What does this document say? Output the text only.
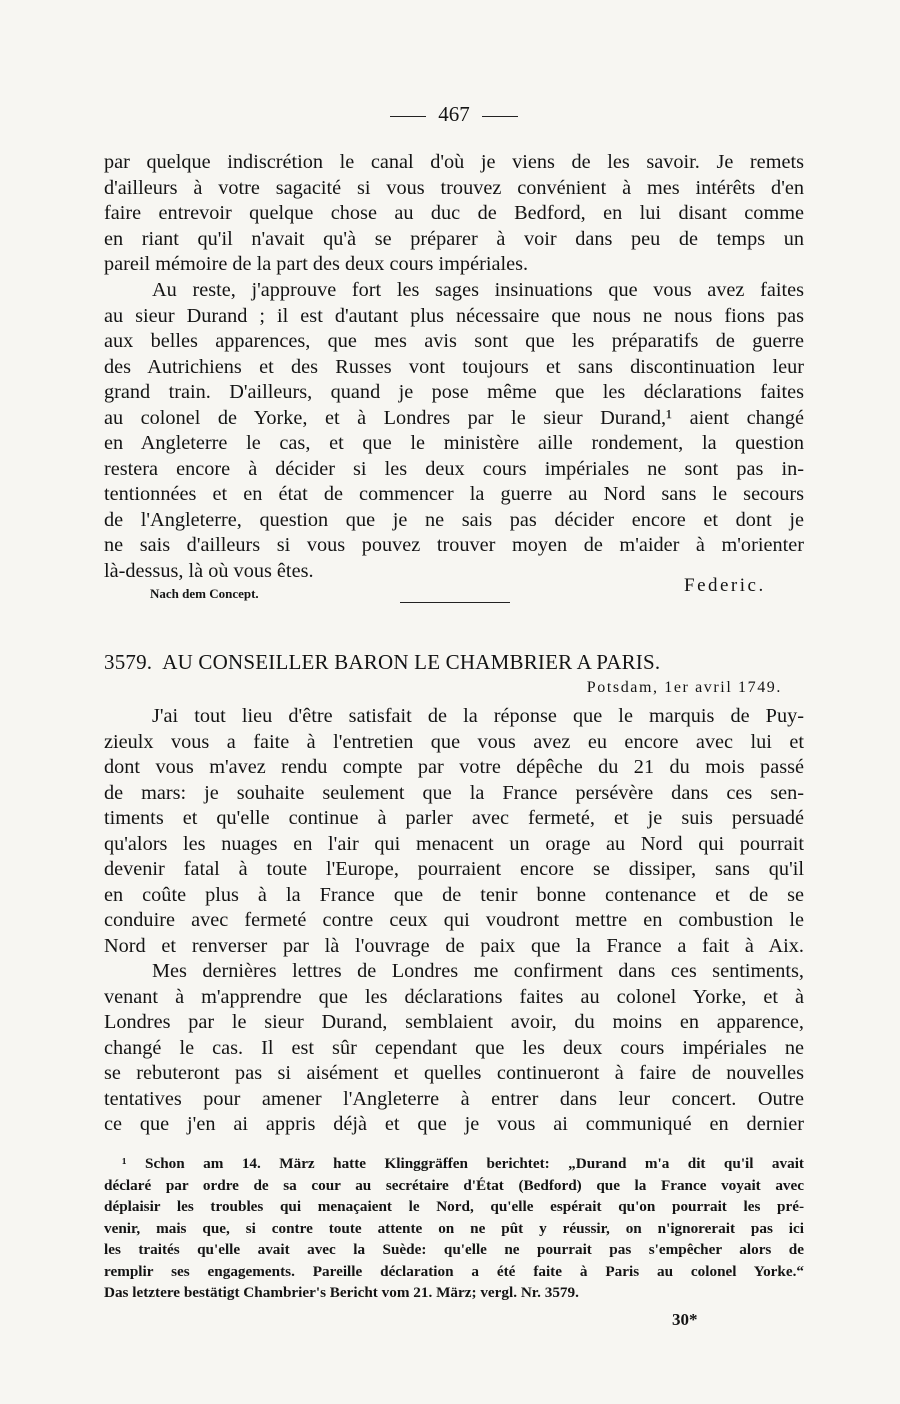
467
par quelque indiscrétion le canal d'où je viens de les savoir. Je remets
d'ailleurs à votre sagacité si vous trouvez convénient à mes intérêts d'en
faire entrevoir quelque chose au duc de Bedford, en lui disant comme
en riant qu'il n'avait qu'à se préparer à voir dans peu de temps un
pareil mémoire de la part des deux cours impériales.
Au reste, j'approuve fort les sages insinuations que vous avez faites
au sieur Durand ; il est d'autant plus nécessaire que nous ne nous fions pas
aux belles apparences, que mes avis sont que les préparatifs de guerre
des Autrichiens et des Russes vont toujours et sans discontinuation leur
grand train. D'ailleurs, quand je pose même que les déclarations faites
au colonel de Yorke, et à Londres par le sieur Durand,¹ aient changé
en Angleterre le cas, et que le ministère aille rondement, la question
restera encore à décider si les deux cours impériales ne sont pas in-
tentionnées et en état de commencer la guerre au Nord sans le secours
de l'Angleterre, question que je ne sais pas décider encore et dont je
ne sais d'ailleurs si vous pouvez trouver moyen de m'aider à m'orienter
là-dessus, là où vous êtes.
Federic.
Nach dem Concept.
3579. AU CONSEILLER BARON LE CHAMBRIER A PARIS.
Potsdam, 1er avril 1749.
J'ai tout lieu d'être satisfait de la réponse que le marquis de Puy-
zieulx vous a faite à l'entretien que vous avez eu encore avec lui et
dont vous m'avez rendu compte par votre dépêche du 21 du mois passé
de mars: je souhaite seulement que la France persévère dans ces sen-
timents et qu'elle continue à parler avec fermeté, et je suis persuadé
qu'alors les nuages en l'air qui menacent un orage au Nord qui pourrait
devenir fatal à toute l'Europe, pourraient encore se dissiper, sans qu'il
en coûte plus à la France que de tenir bonne contenance et de se
conduire avec fermeté contre ceux qui voudront mettre en combustion le
Nord et renverser par là l'ouvrage de paix que la France a fait à Aix.
Mes dernières lettres de Londres me confirment dans ces sentiments,
venant à m'apprendre que les déclarations faites au colonel Yorke, et à
Londres par le sieur Durand, semblaient avoir, du moins en apparence,
changé le cas. Il est sûr cependant que les deux cours impériales ne
se rebuteront pas si aisément et quelles continueront à faire de nouvelles
tentatives pour amener l'Angleterre à entrer dans leur concert. Outre
ce que j'en ai appris déjà et que je vous ai communiqué en dernier
¹ Schon am 14. März hatte Klinggräffen berichtet: „Durand m'a dit qu'il avait
déclaré par ordre de sa cour au secrétaire d'État (Bedford) que la France voyait avec
déplaisir les troubles qui menaçaient le Nord, qu'elle espérait qu'on pourrait les pré-
venir, mais que, si contre toute attente on ne pût y réussir, on n'ignorerait pas ici
les traités qu'elle avait avec la Suède: qu'elle ne pourrait pas s'empêcher alors de
remplir ses engagements. Pareille déclaration a été faite à Paris au colonel Yorke.“
Das letztere bestätigt Chambrier's Bericht vom 21. März; vergl. Nr. 3579.
30*
